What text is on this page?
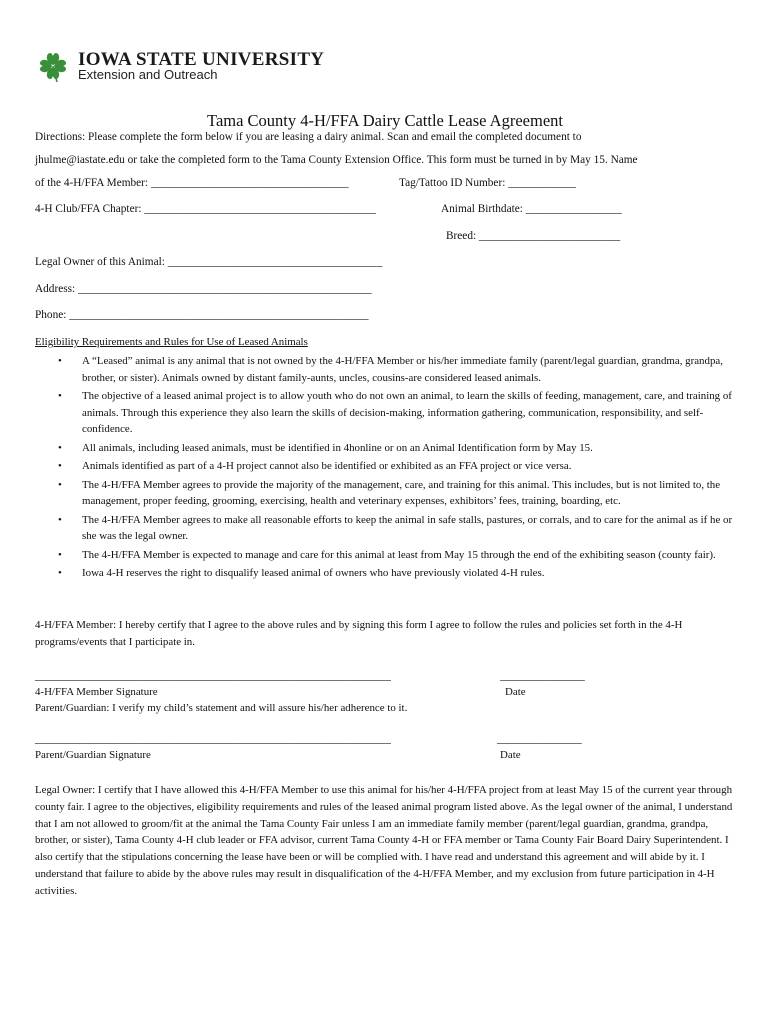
IOWA STATE UNIVERSITY
Extension and Outreach
Tama County 4-H/FFA Dairy Cattle Lease Agreement
Directions: Please complete the form below if you are leasing a dairy animal. Scan and email the completed document to
jhulme@iastate.edu or take the completed form to the Tama County Extension Office. This form must be turned in by May 15. Name
of the 4-H/FFA Member: ___________________________________	Tag/Tattoo ID Number: ____________
4-H Club/FFA Chapter: _________________________________________	Animal Birthdate: _________________
Breed: _________________________
Legal Owner of this Animal: ______________________________________
Address: ____________________________________________________
Phone: _____________________________________________________
Eligibility Requirements and Rules for Use of Leased Animals
• A “Leased” animal is any animal that is not owned by the 4-H/FFA Member or his/her immediate family (parent/legal guardian, grandma, grandpa, brother, or sister). Animals owned by distant family-aunts, uncles, cousins-are considered leased animals.
• The objective of a leased animal project is to allow youth who do not own an animal, to learn the skills of feeding, management, care, and training of animals. Through this experience they also learn the skills of decision-making, information gathering, communication, responsibility, and self-confidence.
• All animals, including leased animals, must be identified in 4honline or on an Animal Identification form by May 15.
• Animals identified as part of a 4-H project cannot also be identified or exhibited as an FFA project or vice versa.
• The 4-H/FFA Member agrees to provide the majority of the management, care, and training for this animal. This includes, but is not limited to, the management, proper feeding, grooming, exercising, health and veterinary expenses, exhibitors’ fees, training, boarding, etc.
• The 4-H/FFA Member agrees to make all reasonable efforts to keep the animal in safe stalls, pastures, or corrals, and to care for the animal as if he or she was the legal owner.
• The 4-H/FFA Member is expected to manage and care for this animal at least from May 15 through the end of the exhibiting season (county fair).
• Iowa 4-H reserves the right to disqualify leased animal of owners who have previously violated 4-H rules.
4-H/FFA Member: I hereby certify that I agree to the above rules and by signing this form I agree to follow the rules and policies set forth in the 4-H programs/events that I participate in.
_______________________________________________________________	_______________
4-H/FFA Member Signature	Date
Parent/Guardian: I verify my child’s statement and will assure his/her adherence to it.
_______________________________________________________________	_______________
Parent/Guardian Signature	Date
Legal Owner: I certify that I have allowed this 4-H/FFA Member to use this animal for his/her 4-H/FFA project from at least May 15 of the current year through county fair. I agree to the objectives, eligibility requirements and rules of the leased animal program listed above. As the legal owner of the animal, I understand that I am not allowed to groom/fit at the animal the Tama County Fair unless I am an immediate family member (parent/legal guardian, grandma, grandpa, brother, or sister), Tama County 4-H club leader or FFA advisor, current Tama County 4-H or FFA member or Tama County Fair Board Dairy Superintendent. I also certify that the stipulations concerning the lease have been or will be complied with. I have read and understand this agreement and will abide by it. I understand that failure to abide by the above rules may result in disqualification of the 4-H/FFA Member, and my exclusion from future participation in 4-H activities.
